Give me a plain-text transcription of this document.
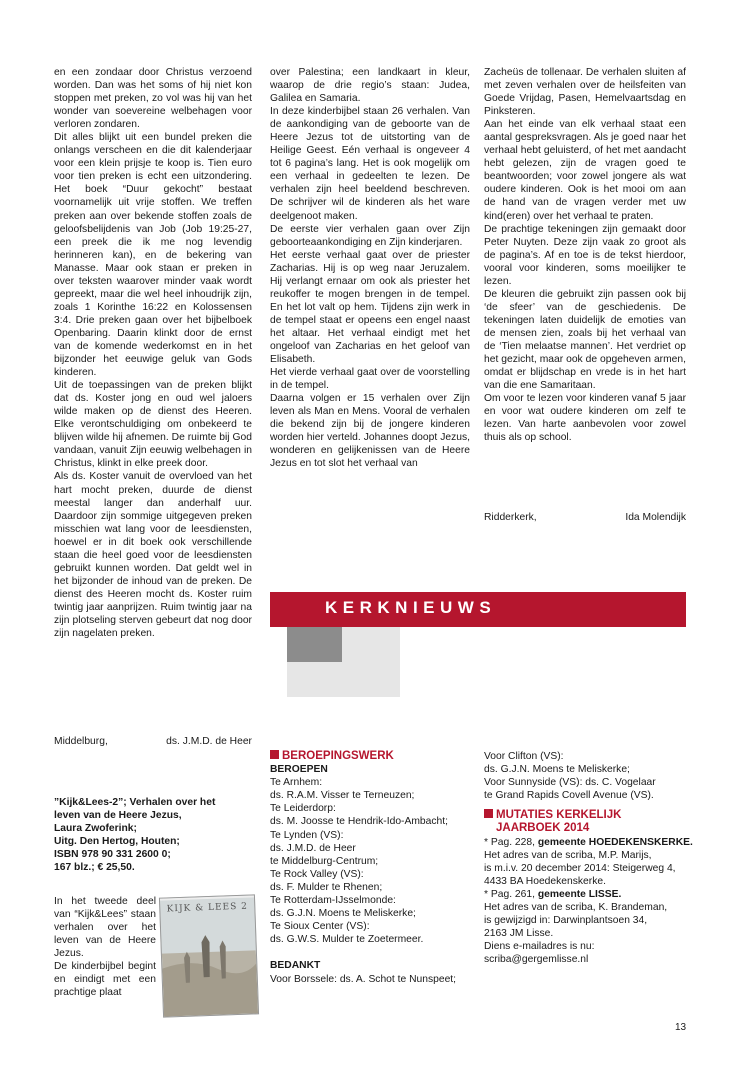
en een zondaar door Christus verzoend worden. Dan was het soms of hij niet kon stoppen met preken, zo vol was hij van het wonder van soevereine welbehagen voor verloren zondaren.

Dit alles blijkt uit een bundel preken die onlangs verscheen en die dit kalenderjaar voor een klein prijsje te koop is. Tien euro voor tien preken is echt een uitzondering. Het boek “Duur gekocht” bestaat voornamelijk uit vrije stoffen. We treffen preken aan over bekende stoffen zoals de geloofsbelijdenis van Job (Job 19:25-27, een preek die ik me nog levendig herinneren kan), en de bekering van Manasse. Maar ook staan er preken in over teksten waarover minder vaak wordt gepreekt, maar die wel heel inhoudrijk zijn, zoals 1 Korinthe 16:22 en Kolossensen 3:4. Drie preken gaan over het bijbelboek Openbaring. Daarin klinkt door de ernst van de komende wederkomst en in het bijzonder het eeuwige geluk van Gods kinderen.

Uit de toepassingen van de preken blijkt dat ds. Koster jong en oud wel jaloers wilde maken op de dienst des Heeren. Elke verontschuldiging om onbekeerd te blijven wilde hij afnemen. De ruimte bij God vandaan, vanuit Zijn eeuwig welbehagen in Christus, klinkt in elke preek door.

Als ds. Koster vanuit de overvloed van het hart mocht preken, duurde de dienst meestal langer dan anderhalf uur. Daardoor zijn sommige uitgegeven preken misschien wat lang voor de leesdiensten, hoewel er in dit boek ook verschillende staan die heel goed voor de leesdiensten gebruikt kunnen worden. Dat geldt wel in het bijzonder de inhoud van de preken. De dienst des Heeren mocht ds. Koster ruim twintig jaar aanprijzen. Ruim twintig jaar na zijn plotseling sterven gebeurt dat nog door zijn nagelaten preken.

Middelburg,	ds. J.M.D. de Heer
”Kijk&Lees-2”; Verhalen over het
leven van de Heere Jezus,
Laura Zwoferink;
Uitg. Den Hertog, Houten;
ISBN 978 90 331 2600 0;
167 blz.; € 25,50.

In het tweede deel van “Kijk&Lees” staan verhalen over het leven van de Heere Jezus.

De kinderbijbel begint en eindigt met een prachtige plaat

KIJK & LEES 2

over Palestina; een landkaart in kleur, waarop de drie regio’s staan: Judea, Galilea en Samaria.

In deze kinderbijbel staan 26 verhalen. Van de aankondiging van de geboorte van de Heere Jezus tot de uitstorting van de Heilige Geest. Eén verhaal is ongeveer 4 tot 6 pagina’s lang. Het is ook mogelijk om een verhaal in gedeelten te lezen. De verhalen zijn heel beeldend beschreven. De schrijver wil de kinderen als het ware deelgenoot maken.

De eerste vier verhalen gaan over Zijn geboorteaankondiging en Zijn kinderjaren.

Het eerste verhaal gaat over de priester Zacharias. Hij is op weg naar Jeruzalem. Hij verlangt ernaar om ook als priester het reukoffer te mogen brengen in de tempel. En het lot valt op hem. Tijdens zijn werk in de tempel staat er opeens een engel naast het altaar. Het verhaal eindigt met het ongeloof van Zacharias en het geloof van Elisabeth.

Het vierde verhaal gaat over de voorstelling in de tempel.

Daarna volgen er 15 verhalen over Zijn leven als Man en Mens. Vooral de verhalen die bekend zijn bij de jongere kinderen worden hier verteld. Johannes doopt Jezus, wonderen en gelijkenissen van de Heere Jezus en tot slot het verhaal van

Zacheüs de tollenaar. De verhalen sluiten af met zeven verhalen over de heilsfeiten van Goede Vrijdag, Pasen, Hemelvaartsdag en Pinksteren.

Aan het einde van elk verhaal staat een aantal gespreksvragen. Als je goed naar het verhaal hebt geluisterd, of het met aandacht hebt gelezen, zijn de vragen goed te beantwoorden; voor zowel jongere als wat oudere kinderen. Ook is het mooi om aan de hand van de vragen verder met uw kind(eren) over het verhaal te praten.

De prachtige tekeningen zijn gemaakt door Peter Nuyten. Deze zijn vaak zo groot als de pagina’s. Af en toe is de tekst hierdoor, vooral voor kinderen, soms moeilijker te lezen.

De kleuren die gebruikt zijn passen ook bij ‘de sfeer’ van de geschiedenis. De tekeningen laten duidelijk de emoties van de mensen zien, zoals bij het verhaal van de ‘Tien melaatse mannen’. Het verdriet op het gezicht, maar ook de opgeheven armen, omdat er blijdschap en vrede is in het hart van die ene Samaritaan.

Om voor te lezen voor kinderen vanaf 5 jaar en voor wat oudere kinderen om zelf te lezen. Van harte aanbevolen voor zowel thuis als op school.

Ridderkerk,	Ida Molendijk
KERKNIEUWS
BEROEPINGSWERK
BEROEPEN
Te Arnhem:
ds. R.A.M. Visser te Terneuzen;
Te Leiderdorp:
ds. M. Joosse te Hendrik-Ido-Ambacht;
Te Lynden (VS):
ds. J.M.D. de Heer
te Middelburg-Centrum;
Te Rock Valley (VS):
ds. F. Mulder te Rhenen;
Te Rotterdam-IJsselmonde:
ds. G.J.N. Moens te Meliskerke;
Te Sioux Center (VS):
ds. G.W.S. Mulder te Zoetermeer.
BEDANKT
Voor Borssele: ds. A. Schot te Nunspeet;
Voor Clifton (VS):
ds. G.J.N. Moens te Meliskerke;
Voor Sunnyside (VS): ds. C. Vogelaar
te Grand Rapids Covell Avenue (VS).
MUTATIES KERKELIJK
JAARBOEK 2014
* Pag. 228, gemeente HOEDEKENSKERKE.
Het adres van de scriba, M.P. Marijs,
is m.i.v. 20 december 2014: Steigerweg 4,
4433 BA Hoedekenskerke.
* Pag. 261, gemeente LISSE.
Het adres van de scriba, K. Brandeman,
is gewijzigd in: Darwinplantsoen 34,
2163 JM Lisse.
Diens e-mailadres is nu:
scriba@gergemlisse.nl
13
